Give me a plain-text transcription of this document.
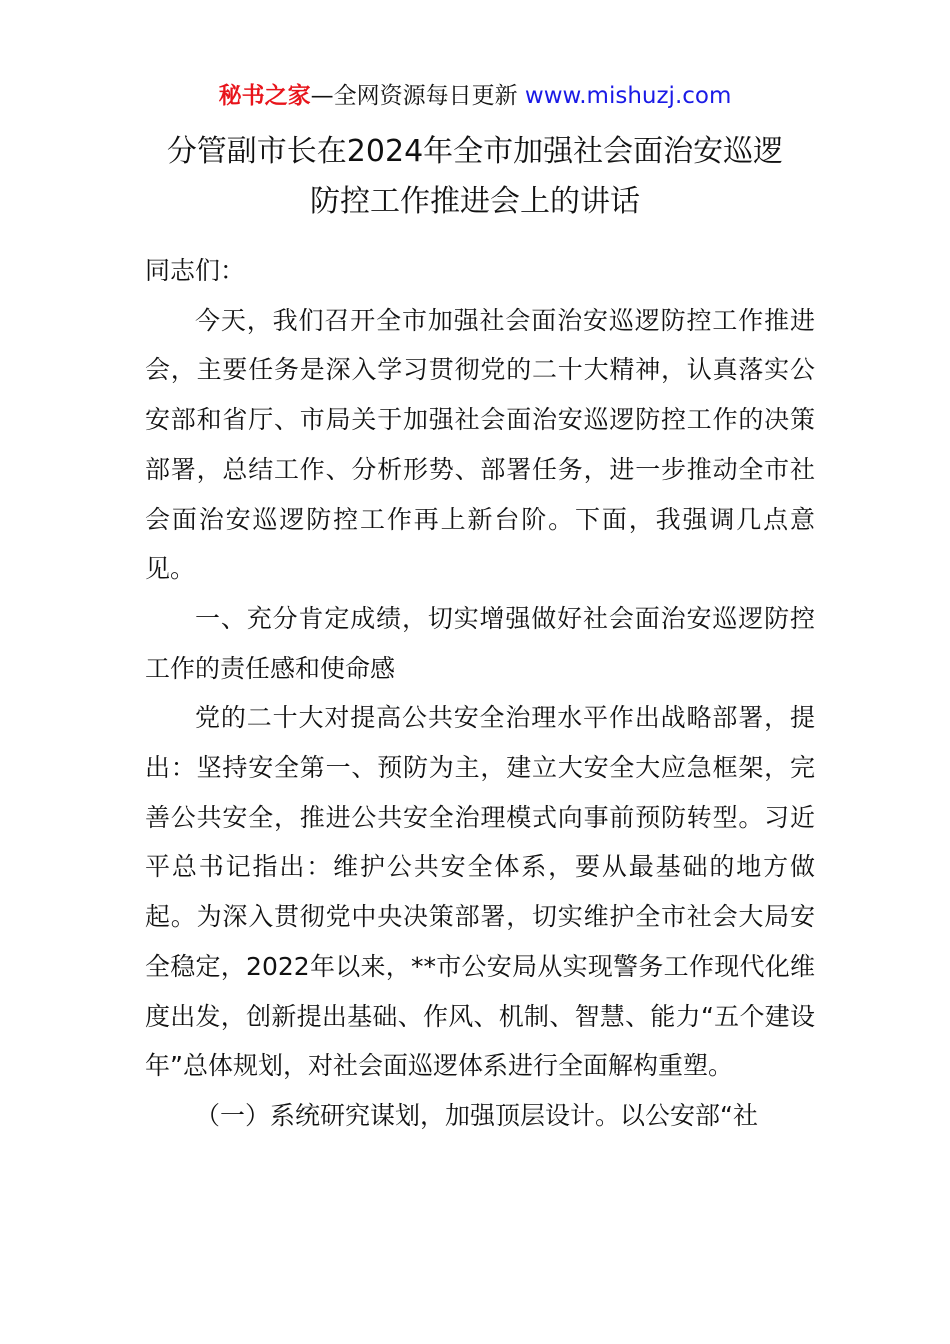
秘书之家—全网资源每日更新 www.mishuzj.com
分管副市长在2024年全市加强社会面治安巡逻
防控工作推进会上的讲话

同志们：

今天，我们召开全市加强社会面治安巡逻防控工作推进会，主要任务是深入学习贯彻党的二十大精神，认真落实公安部和省厅、市局关于加强社会面治安巡逻防控工作的决策部署，总结工作、分析形势、部署任务，进一步推动全市社会面治安巡逻防控工作再上新台阶。下面，我强调几点意见。

一、充分肯定成绩，切实增强做好社会面治安巡逻防控工作的责任感和使命感

党的二十大对提高公共安全治理水平作出战略部署，提出：坚持安全第一、预防为主，建立大安全大应急框架，完善公共安全，推进公共安全治理模式向事前预防转型。习近平总书记指出：维护公共安全体系，要从最基础的地方做起。为深入贯彻党中央决策部署，切实维护全市社会大局安全稳定，2022年以来，**市公安局从实现警务工作现代化维度出发，创新提出基础、作风、机制、智慧、能力“五个建设年”总体规划，对社会面巡逻体系进行全面解构重塑。

（一）系统研究谋划，加强顶层设计。以公安部“社
